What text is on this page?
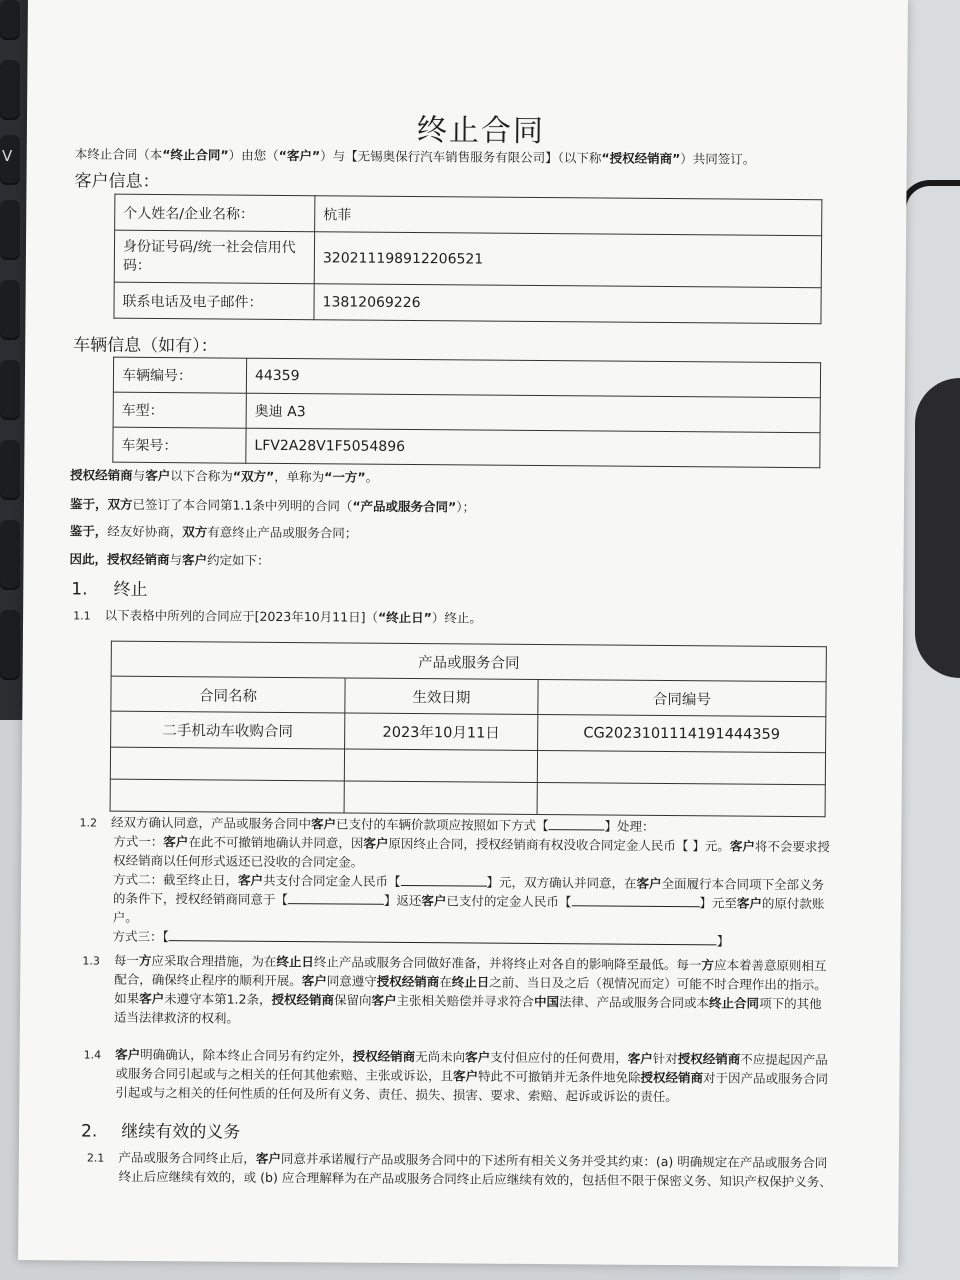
V
终止合同
本终止合同（本“终止合同”）由您（“客户”）与【无锡奥保行汽车销售服务有限公司】（以下称“授权经销商”）共同签订。
客户信息：
个人姓名/企业名称：	杭菲
身份证号码/统一社会信用代码：	320211198912206521
联系电话及电子邮件：	13812069226
车辆信息（如有）：
车辆编号：	44359
车型：	奥迪 A3
车架号：	LFV2A28V1F5054896
授权经销商与客户以下合称为“双方”，单称为“一方”。
鉴于，双方已签订了本合同第1.1条中列明的合同（“产品或服务合同”）；
鉴于，经友好协商，双方有意终止产品或服务合同；
因此，授权经销商与客户约定如下：
1. 终止
1.1 以下表格中所列的合同应于[2023年10月11日]（“终止日”）终止。
产品或服务合同		
合同名称	生效日期	合同编号
二手机动车收购合同	2023年10月11日	CG2023101114191444359

1.2 经双方确认同意，产品或服务合同中客户已支付的车辆价款项应按照如下方式【	】处理：
方式一：客户在此不可撤销地确认并同意，因客户原因终止合同，授权经销商有权没收合同定金人民币【 】元。客户将不会要求授
权经销商以任何形式返还已没收的合同定金。
方式二：截至终止日，客户共支付合同定金人民币【	】元，双方确认并同意，在客户全面履行本合同项下全部义务
的条件下，授权经销商同意于【	】返还客户已支付的定金人民币【	】元至客户的原付款账
户。
方式三：【	】
1.3 每一方应采取合理措施，为在终止日终止产品或服务合同做好准备，并将终止对各自的影响降至最低。每一方应本着善意原则相互
配合，确保终止程序的顺利开展。客户同意遵守授权经销商在终止日之前、当日及之后（视情况而定）可能不时合理作出的指示。
如果客户未遵守本第1.2条，授权经销商保留向客户主张相关赔偿并寻求符合中国法律、产品或服务合同或本终止合同项下的其他
适当法律救济的权利。
1.4 客户明确确认，除本终止合同另有约定外，授权经销商无尚未向客户支付但应付的任何费用，客户针对授权经销商不应提起因产品
或服务合同引起或与之相关的任何其他索赔、主张或诉讼，且客户特此不可撤销并无条件地免除授权经销商对于因产品或服务合同
引起或与之相关的任何性质的任何及所有义务、责任、损失、损害、要求、索赔、起诉或诉讼的责任。
2. 继续有效的义务
2.1 产品或服务合同终止后，客户同意并承诺履行产品或服务合同中的下述所有相关义务并受其约束：(a) 明确规定在产品或服务合同
终止后应继续有效的，或 (b) 应合理解释为在产品或服务合同终止后应继续有效的，包括但不限于保密义务、知识产权保护义务、
